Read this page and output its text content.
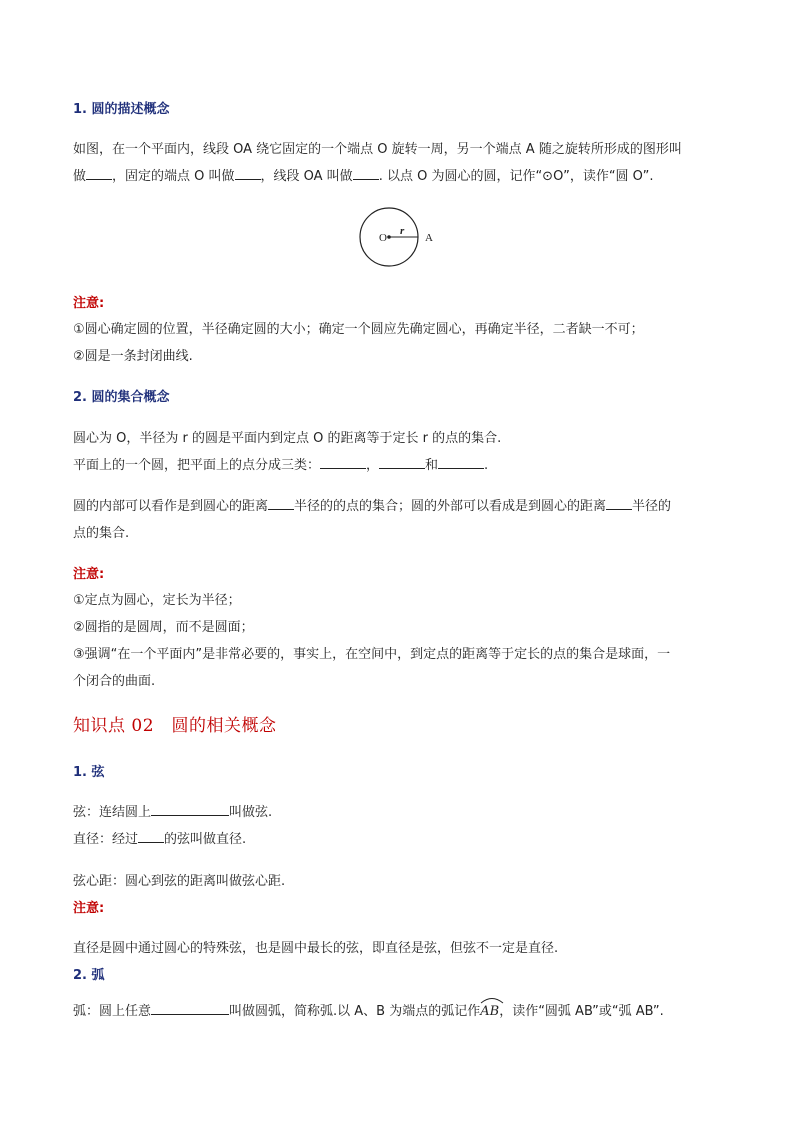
1. 圆的描述概念
如图，在一个平面内，线段 OA 绕它固定的一个端点 O 旋转一周，另一个端点 A 随之旋转所形成的图形叫
做 ，固定的端点 O 叫做 ，线段 OA 叫做 . 以点 O 为圆心的圆，记作“⊙O”，读作“圆 O”.
O
r
A
注意:
①圆心确定圆的位置，半径确定圆的大小；确定一个圆应先确定圆心，再确定半径，二者缺一不可；
②圆是一条封闭曲线.
2. 圆的集合概念
圆心为 O，半径为 r 的圆是平面内到定点 O 的距离等于定长 r 的点的集合.
平面上的一个圆，把平面上的点分成三类：	，	和	.
圆的内部可以看作是到圆心的距离 半径的的点的集合；圆的外部可以看成是到圆心的距离 半径的
点的集合.
注意:
①定点为圆心，定长为半径；
②圆指的是圆周，而不是圆面；
③强调“在一个平面内”是非常必要的，事实上，在空间中，到定点的距离等于定长的点的集合是球面，一
个闭合的曲面.
知识点 02　圆的相关概念
1. 弦
弦：连结圆上	叫做弦.
直径：经过 的弦叫做直径.
弦心距：圆心到弦的距离叫做弦心距.
注意:
直径是圆中通过圆心的特殊弦，也是圆中最长的弦，即直径是弦，但弦不一定是直径.
2. 弧
弧：圆上任意	叫做圆弧，简称弧.以 A、B 为端点的弧记作
AB，读作“圆弧 AB”或“弧 AB”.
